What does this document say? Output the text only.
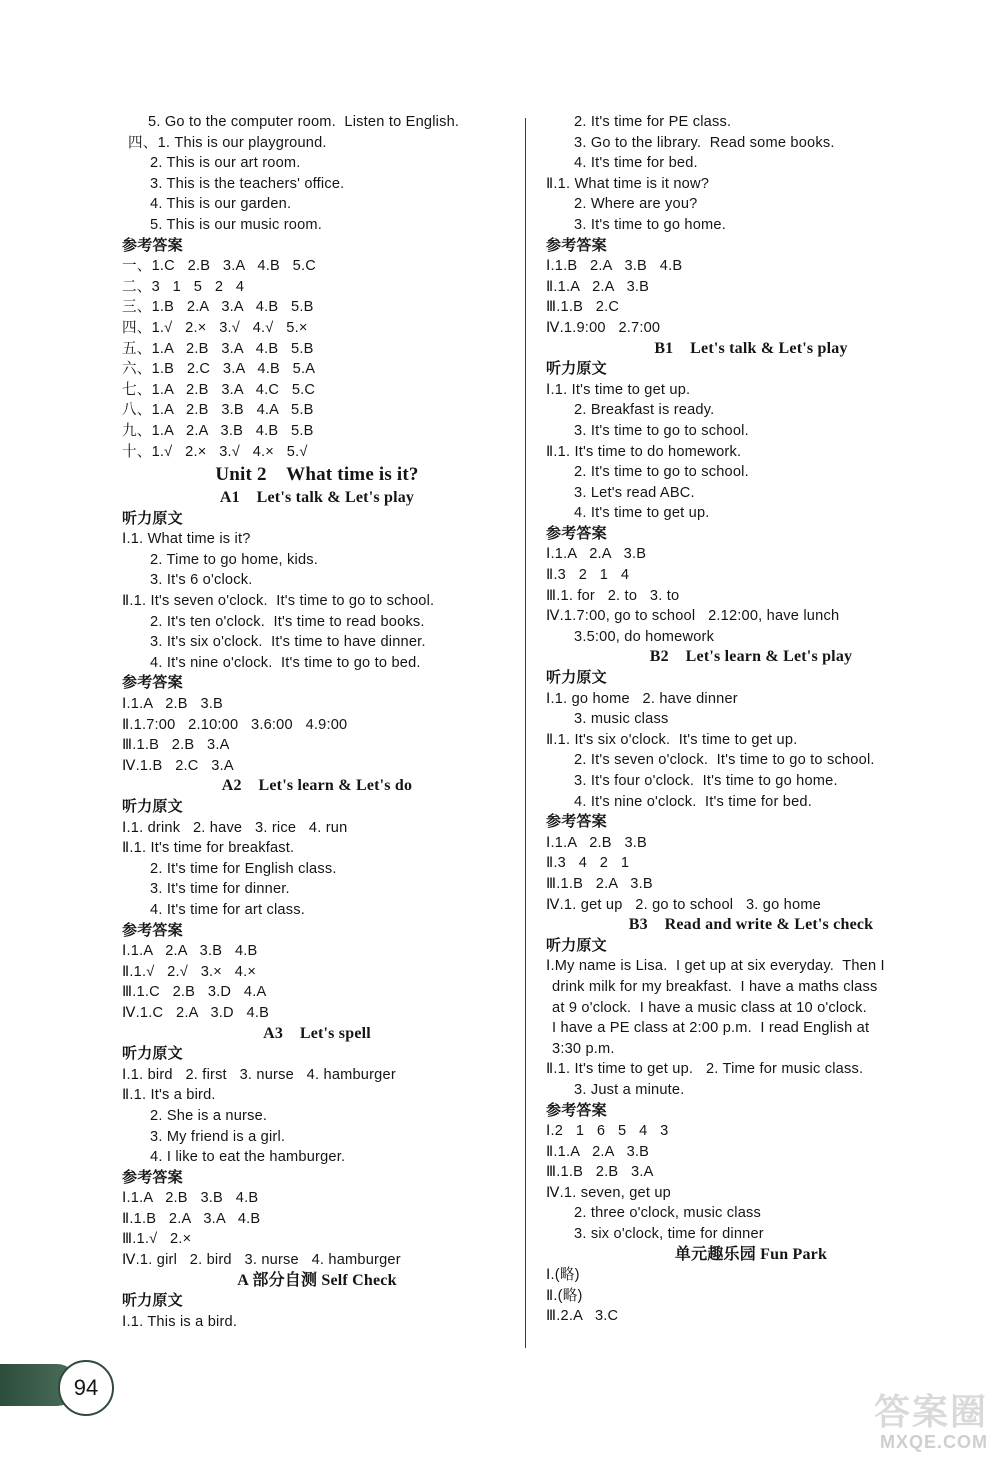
5. Go to the computer room.  Listen to English.
四、1. This is our playground.
2. This is our art room.
3. This is the teachers' office.
4. This is our garden.
5. This is our music room.
参考答案
一、1.C   2.B   3.A   4.B   5.C
二、3   1   5   2   4
三、1.B   2.A   3.A   4.B   5.B
四、1.√   2.×   3.√   4.√   5.×
五、1.A   2.B   3.A   4.B   5.B
六、1.B   2.C   3.A   4.B   5.A
七、1.A   2.B   3.A   4.C   5.C
八、1.A   2.B   3.B   4.A   5.B
九、1.A   2.A   3.B   4.B   5.B
十、1.√   2.×   3.√   4.×   5.√
Unit 2    What time is it?
A1    Let's talk & Let's play
听力原文
Ⅰ.1. What time is it?
2. Time to go home, kids.
3. It's 6 o'clock.
Ⅱ.1. It's seven o'clock.  It's time to go to school.
2. It's ten o'clock.  It's time to read books.
3. It's six o'clock.  It's time to have dinner.
4. It's nine o'clock.  It's time to go to bed.
参考答案
Ⅰ.1.A   2.B   3.B
Ⅱ.1.7:00   2.10:00   3.6:00   4.9:00
Ⅲ.1.B   2.B   3.A
Ⅳ.1.B   2.C   3.A
A2    Let's learn & Let's do
听力原文
Ⅰ.1. drink   2. have   3. rice   4. run
Ⅱ.1. It's time for breakfast.
2. It's time for English class.
3. It's time for dinner.
4. It's time for art class.
参考答案
Ⅰ.1.A   2.A   3.B   4.B
Ⅱ.1.√   2.√   3.×   4.×
Ⅲ.1.C   2.B   3.D   4.A
Ⅳ.1.C   2.A   3.D   4.B
A3    Let's spell
听力原文
Ⅰ.1. bird   2. first   3. nurse   4. hamburger
Ⅱ.1. It's a bird.
2. She is a nurse.
3. My friend is a girl.
4. I like to eat the hamburger.
参考答案
Ⅰ.1.A   2.B   3.B   4.B
Ⅱ.1.B   2.A   3.A   4.B
Ⅲ.1.√   2.×
Ⅳ.1. girl   2. bird   3. nurse   4. hamburger
A 部分自测 Self Check
听力原文
Ⅰ.1. This is a bird.
2. It's time for PE class.
3. Go to the library.  Read some books.
4. It's time for bed.
Ⅱ.1. What time is it now?
2. Where are you?
3. It's time to go home.
参考答案
Ⅰ.1.B   2.A   3.B   4.B
Ⅱ.1.A   2.A   3.B
Ⅲ.1.B   2.C
Ⅳ.1.9:00   2.7:00
B1    Let's talk & Let's play
听力原文
Ⅰ.1. It's time to get up.
2. Breakfast is ready.
3. It's time to go to school.
Ⅱ.1. It's time to do homework.
2. It's time to go to school.
3. Let's read ABC.
4. It's time to get up.
参考答案
Ⅰ.1.A   2.A   3.B
Ⅱ.3   2   1   4
Ⅲ.1. for   2. to   3. to
Ⅳ.1.7:00, go to school   2.12:00, have lunch
3.5:00, do homework
B2    Let's learn & Let's play
听力原文
Ⅰ.1. go home   2. have dinner
3. music class
Ⅱ.1. It's six o'clock.  It's time to get up.
2. It's seven o'clock.  It's time to go to school.
3. It's four o'clock.  It's time to go home.
4. It's nine o'clock.  It's time for bed.
参考答案
Ⅰ.1.A   2.B   3.B
Ⅱ.3   4   2   1
Ⅲ.1.B   2.A   3.B
Ⅳ.1. get up   2. go to school   3. go home
B3    Read and write & Let's check
听力原文
Ⅰ.My name is Lisa.  I get up at six everyday.  Then I
drink milk for my breakfast.  I have a maths class
at 9 o'clock.  I have a music class at 10 o'clock.
I have a PE class at 2:00 p.m.  I read English at
3:30 p.m.
Ⅱ.1. It's time to get up.   2. Time for music class.
3. Just a minute.
参考答案
Ⅰ.2   1   6   5   4   3
Ⅱ.1.A   2.A   3.B
Ⅲ.1.B   2.B   3.A
Ⅳ.1. seven, get up
2. three o'clock, music class
3. six o'clock, time for dinner
单元趣乐园 Fun Park
Ⅰ.(略)
Ⅱ.(略)
Ⅲ.2.A   3.C
94
答案圈
MXQE.COM
